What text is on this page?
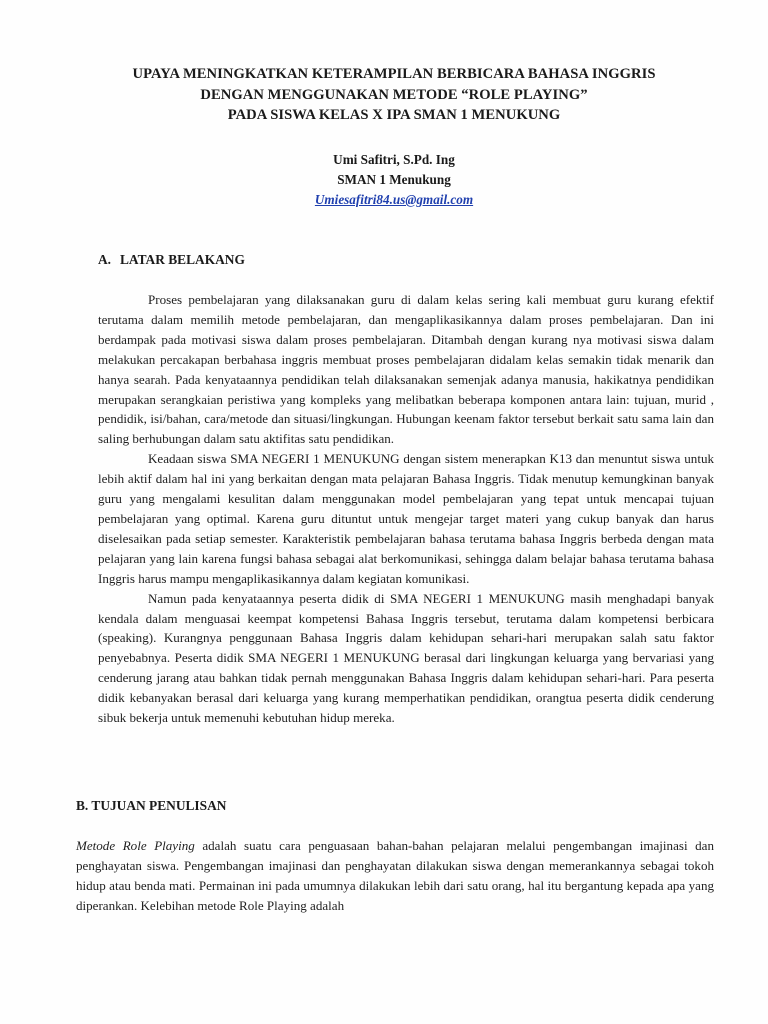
UPAYA MENINGKATKAN KETERAMPILAN BERBICARA BAHASA INGGRIS
DENGAN MENGGUNAKAN METODE “ROLE PLAYING”
PADA SISWA KELAS X IPA SMAN 1 MENUKUNG
Umi Safitri, S.Pd. Ing
SMAN 1 Menukung
Umiesafitri84.us@gmail.com
A. LATAR BELAKANG

Proses pembelajaran yang dilaksanakan guru di dalam kelas sering kali membuat guru kurang efektif terutama dalam memilih metode pembelajaran, dan mengaplikasikannya dalam proses pembelajaran. Dan ini berdampak pada motivasi siswa dalam proses pembelajaran. Ditambah dengan kurang nya motivasi siswa dalam melakukan percakapan berbahasa inggris membuat proses pembelajaran didalam kelas semakin tidak menarik dan hanya searah. Pada kenyataannya pendidikan telah dilaksanakan semenjak adanya manusia, hakikatnya pendidikan merupakan serangkaian peristiwa yang kompleks yang melibatkan beberapa komponen antara lain: tujuan, murid , pendidik, isi/bahan, cara/metode dan situasi/lingkungan. Hubungan keenam faktor tersebut berkait satu sama lain dan saling berhubungan dalam satu aktifitas satu pendidikan.

Keadaan siswa SMA NEGERI 1 MENUKUNG dengan sistem menerapkan K13 dan menuntut siswa untuk lebih aktif dalam hal ini yang berkaitan dengan mata pelajaran Bahasa Inggris. Tidak menutup kemungkinan banyak guru yang mengalami kesulitan dalam menggunakan model pembelajaran yang tepat untuk mencapai tujuan pembelajaran yang optimal. Karena guru dituntut untuk mengejar target materi yang cukup banyak dan harus diselesaikan pada setiap semester. Karakteristik pembelajaran bahasa terutama bahasa Inggris berbeda dengan mata pelajaran yang lain karena fungsi bahasa sebagai alat berkomunikasi, sehingga dalam belajar bahasa terutama bahasa Inggris harus mampu mengaplikasikannya dalam kegiatan komunikasi.

Namun pada kenyataannya peserta didik di SMA NEGERI 1 MENUKUNG masih menghadapi banyak kendala dalam menguasai keempat kompetensi Bahasa Inggris tersebut, terutama dalam kompetensi berbicara (speaking). Kurangnya penggunaan Bahasa Inggris dalam kehidupan sehari-hari merupakan salah satu faktor penyebabnya. Peserta didik SMA NEGERI 1 MENUKUNG berasal dari lingkungan keluarga yang bervariasi yang cenderung jarang atau bahkan tidak pernah menggunakan Bahasa Inggris dalam kehidupan sehari-hari. Para peserta didik kebanyakan berasal dari keluarga yang kurang memperhatikan pendidikan, orangtua peserta didik cenderung sibuk bekerja untuk memenuhi kebutuhan hidup mereka.

B. TUJUAN PENULISAN

Metode Role Playing adalah suatu cara penguasaan bahan-bahan pelajaran melalui pengembangan imajinasi dan penghayatan siswa. Pengembangan imajinasi dan penghayatan dilakukan siswa dengan memerankannya sebagai tokoh hidup atau benda mati. Permainan ini pada umumnya dilakukan lebih dari satu orang, hal itu bergantung kepada apa yang diperankan. Kelebihan metode Role Playing adalah
